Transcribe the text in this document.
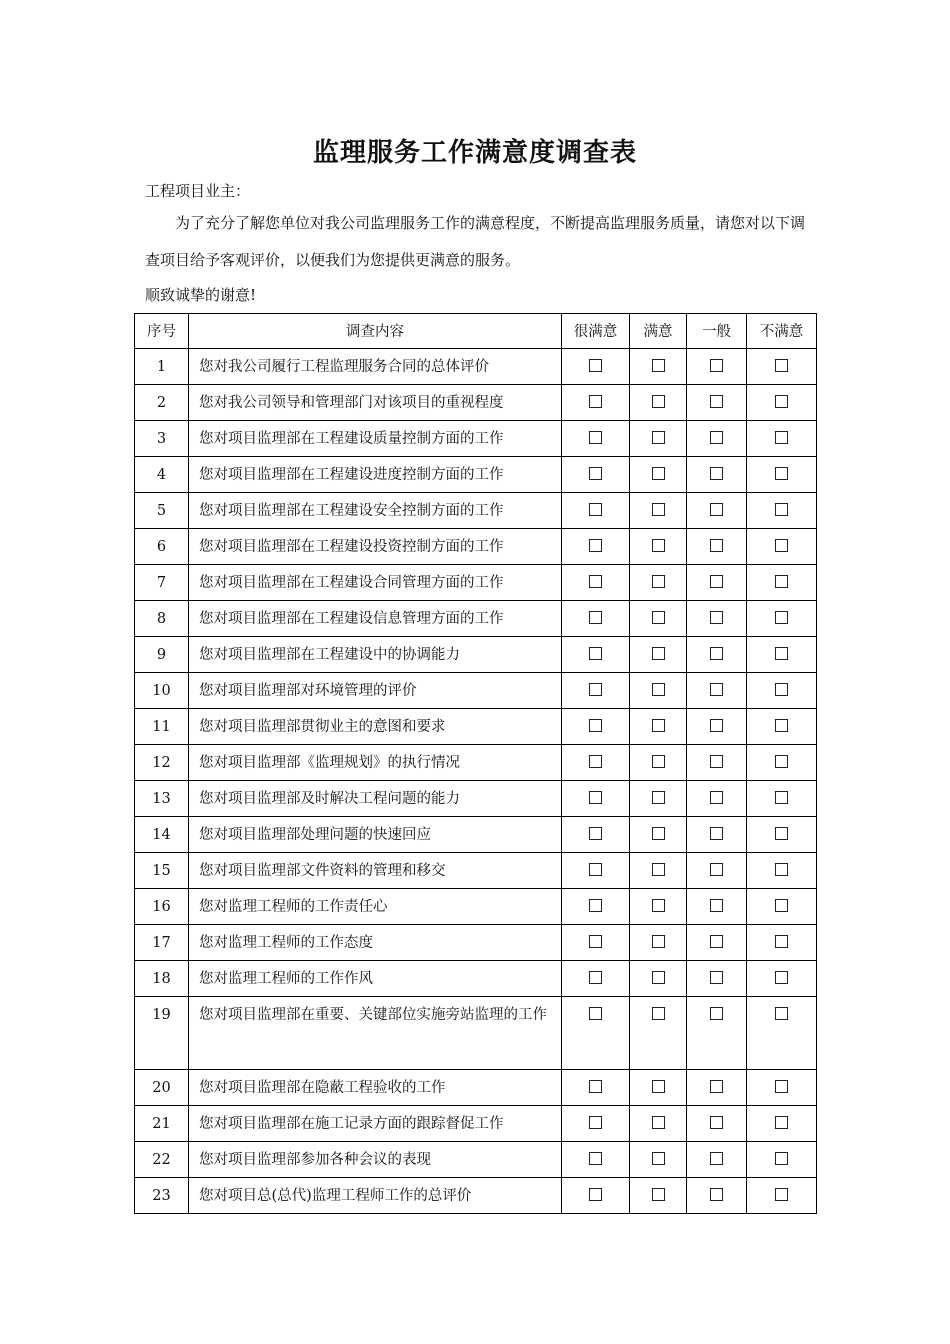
监理服务工作满意度调查表
工程项目业主：
为了充分了解您单位对我公司监理服务工作的满意程度，不断提高监理服务质量，请您对以下调查项目给予客观评价，以便我们为您提供更满意的服务。
顺致诚挚的谢意!
序号	调查内容	很满意	满意	一般	不满意
1	您对我公司履行工程监理服务合同的总体评价				
2	您对我公司领导和管理部门对该项目的重视程度				
3	您对项目监理部在工程建设质量控制方面的工作				
4	您对项目监理部在工程建设进度控制方面的工作				
5	您对项目监理部在工程建设安全控制方面的工作				
6	您对项目监理部在工程建设投资控制方面的工作				
7	您对项目监理部在工程建设合同管理方面的工作				
8	您对项目监理部在工程建设信息管理方面的工作				
9	您对项目监理部在工程建设中的协调能力				
10	您对项目监理部对环境管理的评价				
11	您对项目监理部贯彻业主的意图和要求				
12	您对项目监理部《监理规划》的执行情况				
13	您对项目监理部及时解决工程问题的能力				
14	您对项目监理部处理问题的快速回应				
15	您对项目监理部文件资料的管理和移交				
16	您对监理工程师的工作责任心				
17	您对监理工程师的工作态度				
18	您对监理工程师的工作作风				
19	您对项目监理部在重要、关键部位实施旁站监理的工作				
20	您对项目监理部在隐蔽工程验收的工作				
21	您对项目监理部在施工记录方面的跟踪督促工作				
22	您对项目监理部参加各种会议的表现				
23	您对项目总(总代)监理工程师工作的总评价				
